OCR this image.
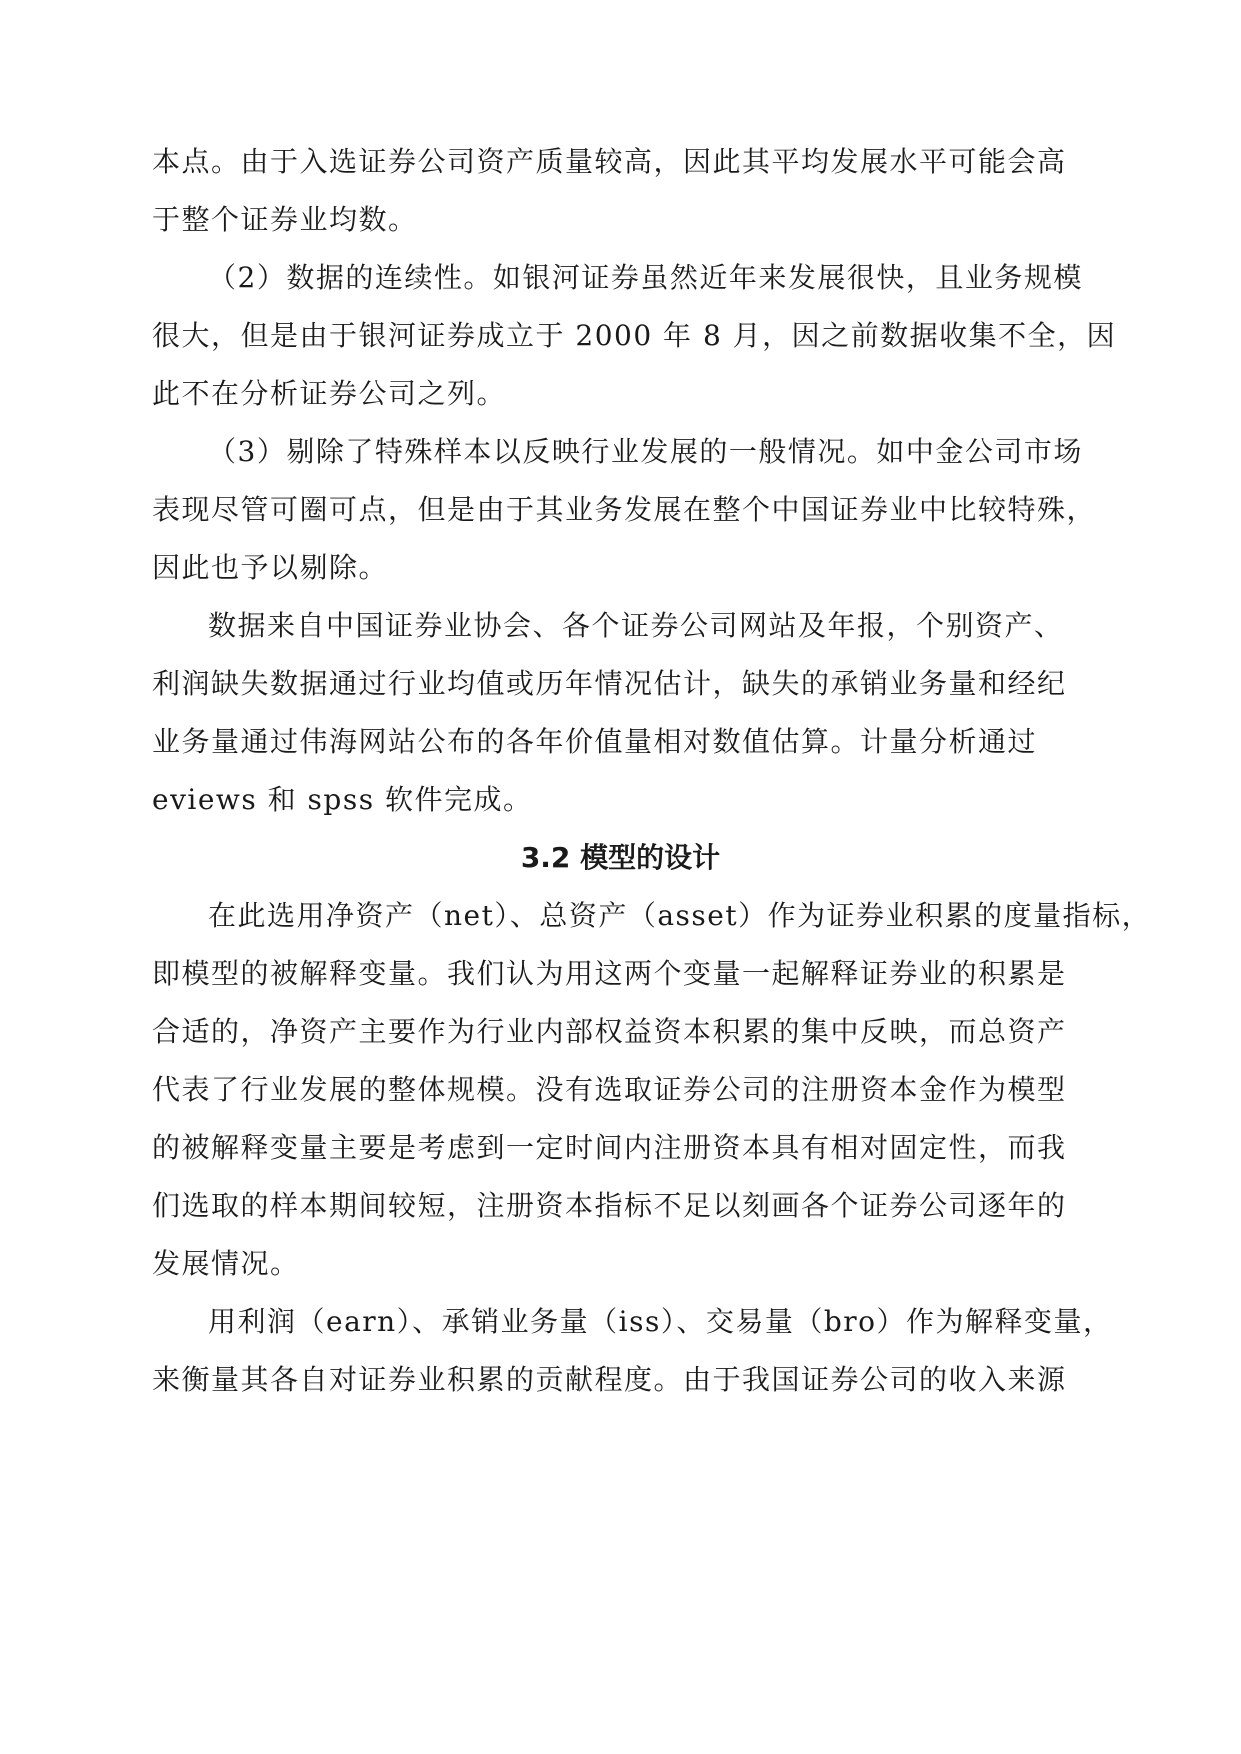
本点。由于入选证券公司资产质量较高，因此其平均发展水平可能会高
于整个证券业均数。
（2）数据的连续性。如银河证券虽然近年来发展很快，且业务规模
很大，但是由于银河证券成立于 2000 年 8 月，因之前数据收集不全，因
此不在分析证券公司之列。
（3）剔除了特殊样本以反映行业发展的一般情况。如中金公司市场
表现尽管可圈可点，但是由于其业务发展在整个中国证券业中比较特殊，
因此也予以剔除。
数据来自中国证券业协会、各个证券公司网站及年报，个别资产、
利润缺失数据通过行业均值或历年情况估计，缺失的承销业务量和经纪
业务量通过伟海网站公布的各年价值量相对数值估算。计量分析通过
eviews 和 spss 软件完成。
3.2 模型的设计
在此选用净资产（net）、总资产（asset）作为证券业积累的度量指标，
即模型的被解释变量。我们认为用这两个变量一起解释证券业的积累是
合适的，净资产主要作为行业内部权益资本积累的集中反映，而总资产
代表了行业发展的整体规模。没有选取证券公司的注册资本金作为模型
的被解释变量主要是考虑到一定时间内注册资本具有相对固定性，而我
们选取的样本期间较短，注册资本指标不足以刻画各个证券公司逐年的
发展情况。
用利润（earn）、承销业务量（iss）、交易量（bro）作为解释变量，
来衡量其各自对证券业积累的贡献程度。由于我国证券公司的收入来源
